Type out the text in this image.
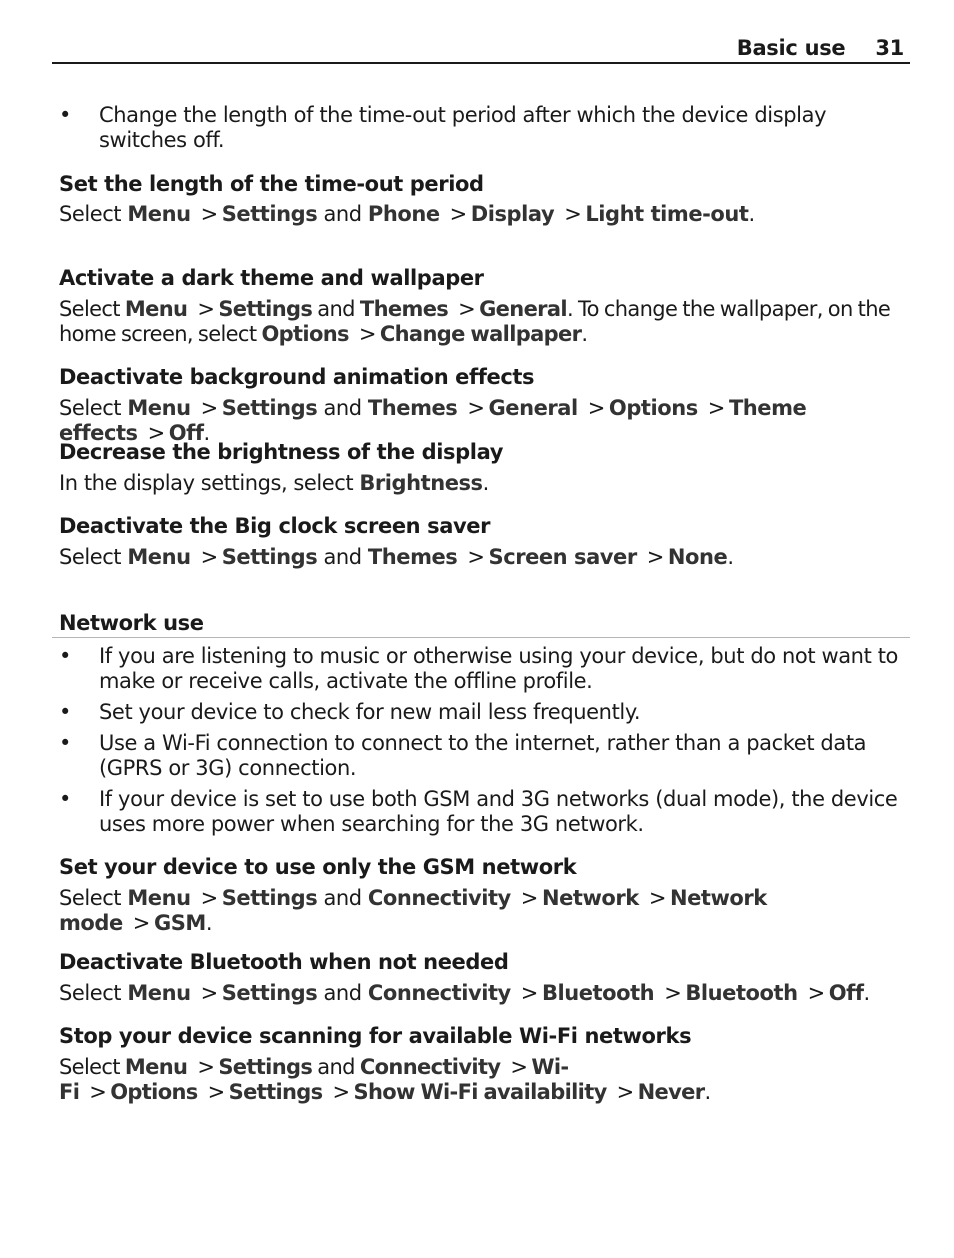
Basic use 31
• Change the length of the time-out period after which the device display switches off.
Set the length of the time-out period
Select Menu > Settings and Phone > Display > Light time-out.
Activate a dark theme and wallpaper
Select Menu > Settings and Themes > General. To change the wallpaper, on the home screen, select Options > Change wallpaper.
Deactivate background animation effects
Select Menu > Settings and Themes > General > Options > Theme effects > Off.
Decrease the brightness of the display
In the display settings, select Brightness.
Deactivate the Big clock screen saver
Select Menu > Settings and Themes > Screen saver > None.
Network use
• If you are listening to music or otherwise using your device, but do not want to make or receive calls, activate the offline profile.
• Set your device to check for new mail less frequently.
• Use a Wi-Fi connection to connect to the internet, rather than a packet data (GPRS or 3G) connection.
• If your device is set to use both GSM and 3G networks (dual mode), the device uses more power when searching for the 3G network.
Set your device to use only the GSM network
Select Menu > Settings and Connectivity > Network > Network mode > GSM.
Deactivate Bluetooth when not needed
Select Menu > Settings and Connectivity > Bluetooth > Bluetooth > Off.
Stop your device scanning for available Wi-Fi networks
Select Menu > Settings and Connectivity > Wi-Fi > Options > Settings > Show Wi-Fi availability > Never.
